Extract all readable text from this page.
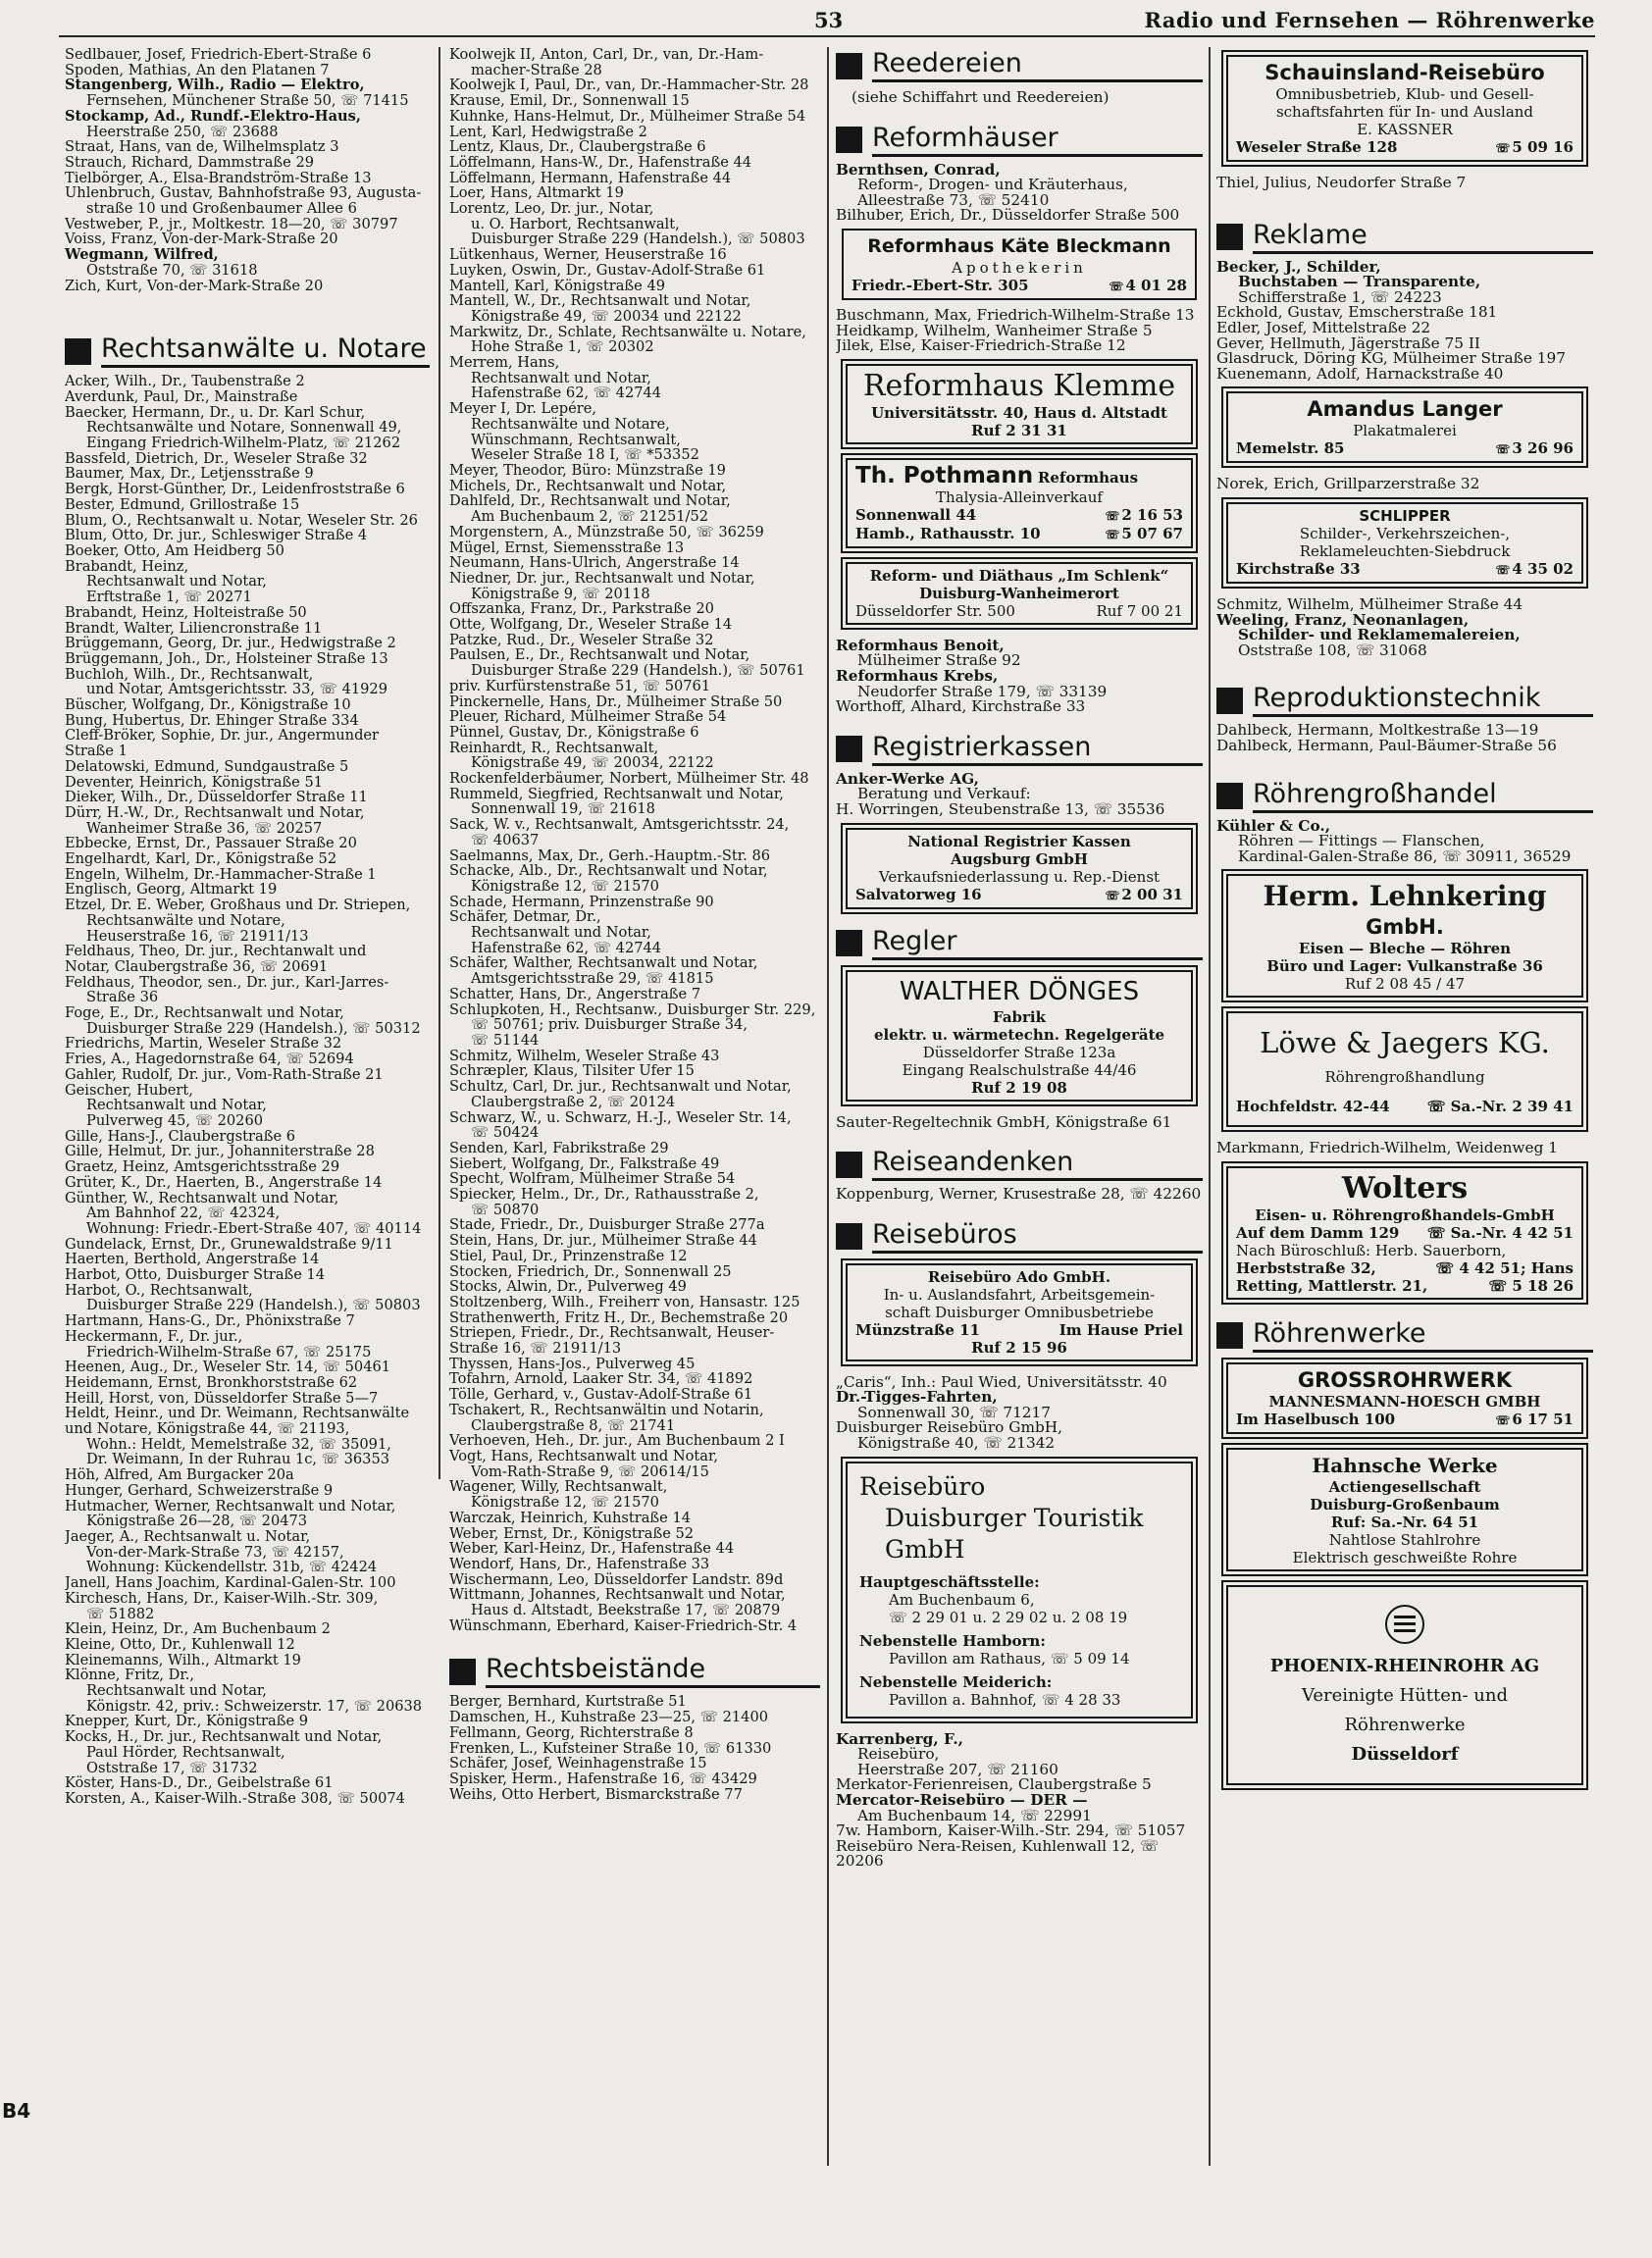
53	Radio und Fernsehen — Röhrenwerke
B4
Sedlbauer, Josef, Friedrich-Ebert-Straße 6
Spoden, Mathias, An den Platanen 7
Stangenberg, Wilh., Radio — Elektro,
Fernsehen, Münchener Straße 50, ☏ 71415
Stockamp, Ad., Rundf.-Elektro-Haus,
Heerstraße 250, ☏ 23688
Straat, Hans, van de, Wilhelmsplatz 3
Strauch, Richard, Dammstraße 29
Tielbörger, A., Elsa-Brandström-Straße 13
Uhlenbruch, Gustav, Bahnhofstraße 93, Augusta-
straße 10 und Großenbaumer Allee 6
Vestweber, P., jr., Moltkestr. 18—20, ☏ 30797
Voiss, Franz, Von-der-Mark-Straße 20
Wegmann, Wilfred,
Oststraße 70, ☏ 31618
Zich, Kurt, Von-der-Mark-Straße 20
Rechtsanwälte u. Notare
Acker, Wilh., Dr., Taubenstraße 2
Averdunk, Paul, Dr., Mainstraße
Baecker, Hermann, Dr., u. Dr. Karl Schur,
Rechtsanwälte und Notare, Sonnenwall 49,
Eingang Friedrich-Wilhelm-Platz, ☏ 21262
Bassfeld, Dietrich, Dr., Weseler Straße 32
Baumer, Max, Dr., Letjensstraße 9
Bergk, Horst-Günther, Dr., Leidenfroststraße 6
Bester, Edmund, Grillostraße 15
Blum, O., Rechtsanwalt u. Notar, Weseler Str. 26
Blum, Otto, Dr. jur., Schleswiger Straße 4
Boeker, Otto, Am Heidberg 50
Brabandt, Heinz,
Rechtsanwalt und Notar,
Erftstraße 1, ☏ 20271
Brabandt, Heinz, Holteistraße 50
Brandt, Walter, Liliencronstraße 11
Brüggemann, Georg, Dr. jur., Hedwigstraße 2
Brüggemann, Joh., Dr., Holsteiner Straße 13
Buchloh, Wilh., Dr., Rechtsanwalt,
und Notar, Amtsgerichtsstr. 33, ☏ 41929
Büscher, Wolfgang, Dr., Königstraße 10
Bung, Hubertus, Dr. Ehinger Straße 334
Cleff-Bröker, Sophie, Dr. jur., Angermunder
Straße 1
Delatowski, Edmund, Sundgaustraße 5
Deventer, Heinrich, Königstraße 51
Dieker, Wilh., Dr., Düsseldorfer Straße 11
Dürr, H.-W., Dr., Rechtsanwalt und Notar,
Wanheimer Straße 36, ☏ 20257
Ebbecke, Ernst, Dr., Passauer Straße 20
Engelhardt, Karl, Dr., Königstraße 52
Engeln, Wilhelm, Dr.-Hammacher-Straße 1
Englisch, Georg, Altmarkt 19
Etzel, Dr. E. Weber, Großhaus und Dr. Striepen,
Rechtsanwälte und Notare,
Heuserstraße 16, ☏ 21911/13
Feldhaus, Theo, Dr. jur., Rechtanwalt und
Notar, Claubergstraße 36, ☏ 20691
Feldhaus, Theodor, sen., Dr. jur., Karl-Jarres-
Straße 36
Foge, E., Dr., Rechtsanwalt und Notar,
Duisburger Straße 229 (Handelsh.), ☏ 50312
Friedrichs, Martin, Weseler Straße 32
Fries, A., Hagedornstraße 64, ☏ 52694
Gahler, Rudolf, Dr. jur., Vom-Rath-Straße 21
Geischer, Hubert,
Rechtsanwalt und Notar,
Pulverweg 45, ☏ 20260
Gille, Hans-J., Claubergstraße 6
Gille, Helmut, Dr. jur., Johanniterstraße 28
Graetz, Heinz, Amtsgerichtsstraße 29
Grüter, K., Dr., Haerten, B., Angerstraße 14
Günther, W., Rechtsanwalt und Notar,
Am Bahnhof 22, ☏ 42324,
Wohnung: Friedr.-Ebert-Straße 407, ☏ 40114
Gundelack, Ernst, Dr., Grunewaldstraße 9/11
Haerten, Berthold, Angerstraße 14
Harbot, Otto, Duisburger Straße 14
Harbot, O., Rechtsanwalt,
Duisburger Straße 229 (Handelsh.), ☏ 50803
Hartmann, Hans-G., Dr., Phönixstraße 7
Heckermann, F., Dr. jur.,
Friedrich-Wilhelm-Straße 67, ☏ 25175
Heenen, Aug., Dr., Weseler Str. 14, ☏ 50461
Heidemann, Ernst, Bronkhorststraße 62
Heill, Horst, von, Düsseldorfer Straße 5—7
Heldt, Heinr., und Dr. Weimann, Rechtsanwälte
und Notare, Königstraße 44, ☏ 21193,
Wohn.: Heldt, Memelstraße 32, ☏ 35091,
Dr. Weimann, In der Ruhrau 1c, ☏ 36353
Höh, Alfred, Am Burgacker 20a
Hunger, Gerhard, Schweizerstraße 9
Hutmacher, Werner, Rechtsanwalt und Notar,
Königstraße 26—28, ☏ 20473
Jaeger, A., Rechtsanwalt u. Notar,
Von-der-Mark-Straße 73, ☏ 42157,
Wohnung: Kückendellstr. 31b, ☏ 42424
Janell, Hans Joachim, Kardinal-Galen-Str. 100
Kirchesch, Hans, Dr., Kaiser-Wilh.-Str. 309,
☏ 51882
Klein, Heinz, Dr., Am Buchenbaum 2
Kleine, Otto, Dr., Kuhlenwall 12
Kleinemanns, Wilh., Altmarkt 19
Klönne, Fritz, Dr.,
Rechtsanwalt und Notar,
Königstr. 42, priv.: Schweizerstr. 17, ☏ 20638
Knepper, Kurt, Dr., Königstraße 9
Kocks, H., Dr. jur., Rechtsanwalt und Notar,
Paul Hörder, Rechtsanwalt,
Oststraße 17, ☏ 31732
Köster, Hans-D., Dr., Geibelstraße 61
Korsten, A., Kaiser-Wilh.-Straße 308, ☏ 50074
Koolwejk II, Anton, Carl, Dr., van, Dr.-Ham-
macher-Straße 28
Koolwejk I, Paul, Dr., van, Dr.-Hammacher-Str. 28
Krause, Emil, Dr., Sonnenwall 15
Kuhnke, Hans-Helmut, Dr., Mülheimer Straße 54
Lent, Karl, Hedwigstraße 2
Lentz, Klaus, Dr., Claubergstraße 6
Löffelmann, Hans-W., Dr., Hafenstraße 44
Löffelmann, Hermann, Hafenstraße 44
Loer, Hans, Altmarkt 19
Lorentz, Leo, Dr. jur., Notar,
u. O. Harbort, Rechtsanwalt,
Duisburger Straße 229 (Handelsh.), ☏ 50803
Lütkenhaus, Werner, Heuserstraße 16
Luyken, Oswin, Dr., Gustav-Adolf-Straße 61
Mantell, Karl, Königstraße 49
Mantell, W., Dr., Rechtsanwalt und Notar,
Königstraße 49, ☏ 20034 und 22122
Markwitz, Dr., Schlate, Rechtsanwälte u. Notare,
Hohe Straße 1, ☏ 20302
Merrem, Hans,
Rechtsanwalt und Notar,
Hafenstraße 62, ☏ 42744
Meyer I, Dr. Lepére,
Rechtsanwälte und Notare,
Wünschmann, Rechtsanwalt,
Weseler Straße 18 I, ☏ *53352
Meyer, Theodor, Büro: Münzstraße 19
Michels, Dr., Rechtsanwalt und Notar,
Dahlfeld, Dr., Rechtsanwalt und Notar,
Am Buchenbaum 2, ☏ 21251/52
Morgenstern, A., Münzstraße 50, ☏ 36259
Mügel, Ernst, Siemensstraße 13
Neumann, Hans-Ulrich, Angerstraße 14
Niedner, Dr. jur., Rechtsanwalt und Notar,
Königstraße 9, ☏ 20118
Offszanka, Franz, Dr., Parkstraße 20
Otte, Wolfgang, Dr., Weseler Straße 14
Patzke, Rud., Dr., Weseler Straße 32
Paulsen, E., Dr., Rechtsanwalt und Notar,
Duisburger Straße 229 (Handelsh.), ☏ 50761
priv. Kurfürstenstraße 51, ☏ 50761
Pinckernelle, Hans, Dr., Mülheimer Straße 50
Pleuer, Richard, Mülheimer Straße 54
Pünnel, Gustav, Dr., Königstraße 6
Reinhardt, R., Rechtsanwalt,
Königstraße 49, ☏ 20034, 22122
Rockenfelderbäumer, Norbert, Mülheimer Str. 48
Rummeld, Siegfried, Rechtsanwalt und Notar,
Sonnenwall 19, ☏ 21618
Sack, W. v., Rechtsanwalt, Amtsgerichtsstr. 24,
☏ 40637
Saelmanns, Max, Dr., Gerh.-Hauptm.-Str. 86
Schacke, Alb., Dr., Rechtsanwalt und Notar,
Königstraße 12, ☏ 21570
Schade, Hermann, Prinzenstraße 90
Schäfer, Detmar, Dr.,
Rechtsanwalt und Notar,
Hafenstraße 62, ☏ 42744
Schäfer, Walther, Rechtsanwalt und Notar,
Amtsgerichtsstraße 29, ☏ 41815
Schatter, Hans, Dr., Angerstraße 7
Schlupkoten, H., Rechtsanw., Duisburger Str. 229,
☏ 50761; priv. Duisburger Straße 34,
☏ 51144
Schmitz, Wilhelm, Weseler Straße 43
Schræpler, Klaus, Tilsiter Ufer 15
Schultz, Carl, Dr. jur., Rechtsanwalt und Notar,
Claubergstraße 2, ☏ 20124
Schwarz, W., u. Schwarz, H.-J., Weseler Str. 14,
☏ 50424
Senden, Karl, Fabrikstraße 29
Siebert, Wolfgang, Dr., Falkstraße 49
Specht, Wolfram, Mülheimer Straße 54
Spiecker, Helm., Dr., Dr., Rathausstraße 2,
☏ 50870
Stade, Friedr., Dr., Duisburger Straße 277a
Stein, Hans, Dr. jur., Mülheimer Straße 44
Stiel, Paul, Dr., Prinzenstraße 12
Stocken, Friedrich, Dr., Sonnenwall 25
Stocks, Alwin, Dr., Pulverweg 49
Stoltzenberg, Wilh., Freiherr von, Hansastr. 125
Strathenwerth, Fritz H., Dr., Bechemstraße 20
Striepen, Friedr., Dr., Rechtsanwalt, Heuser-
Straße 16, ☏ 21911/13
Thyssen, Hans-Jos., Pulverweg 45
Tofahrn, Arnold, Laaker Str. 34, ☏ 41892
Tölle, Gerhard, v., Gustav-Adolf-Straße 61
Tschakert, R., Rechtsanwältin und Notarin,
Claubergstraße 8, ☏ 21741
Verhoeven, Heh., Dr. jur., Am Buchenbaum 2 I
Vogt, Hans, Rechtsanwalt und Notar,
Vom-Rath-Straße 9, ☏ 20614/15
Wagener, Willy, Rechtsanwalt,
Königstraße 12, ☏ 21570
Warczak, Heinrich, Kuhstraße 14
Weber, Ernst, Dr., Königstraße 52
Weber, Karl-Heinz, Dr., Hafenstraße 44
Wendorf, Hans, Dr., Hafenstraße 33
Wischermann, Leo, Düsseldorfer Landstr. 89d
Wittmann, Johannes, Rechtsanwalt und Notar,
Haus d. Altstadt, Beekstraße 17, ☏ 20879
Wünschmann, Eberhard, Kaiser-Friedrich-Str. 4
Rechtsbeistände
Berger, Bernhard, Kurtstraße 51
Damschen, H., Kuhstraße 23—25, ☏ 21400
Fellmann, Georg, Richterstraße 8
Frenken, L., Kufsteiner Straße 10, ☏ 61330
Schäfer, Josef, Weinhagenstraße 15
Spisker, Herm., Hafenstraße 16, ☏ 43429
Weihs, Otto Herbert, Bismarckstraße 77
Reedereien
(siehe Schiffahrt und Reedereien)
Reformhäuser
Bernthsen, Conrad,
Reform-, Drogen- und Kräuterhaus,
Alleestraße 73, ☏ 52410
Bilhuber, Erich, Dr., Düsseldorfer Straße 500
Reformhaus Käte Bleckmann
Apothekerin
Friedr.-Ebert-Str. 305	☏ 4 01 28
Buschmann, Max, Friedrich-Wilhelm-Straße 13
Heidkamp, Wilhelm, Wanheimer Straße 5
Jilek, Else, Kaiser-Friedrich-Straße 12
Reformhaus Klemme
Universitätsstr. 40, Haus d. Altstadt
Ruf 2 31 31
Th. Pothmann Reformhaus
Thalysia-Alleinverkauf
Sonnenwall 44	☏ 2 16 53
Hamb., Rathausstr. 10	☏ 5 07 67
Reform- und Diäthaus „Im Schlenk“
Duisburg-Wanheimerort
Düsseldorfer Str. 500	Ruf 7 00 21
Reformhaus Benoit,
Mülheimer Straße 92
Reformhaus Krebs,
Neudorfer Straße 179, ☏ 33139
Worthoff, Alhard, Kirchstraße 33
Registrierkassen
Anker-Werke AG,
Beratung und Verkauf:
H. Worringen, Steubenstraße 13, ☏ 35536
National Registrier Kassen
Augsburg GmbH
Verkaufsniederlassung u. Rep.-Dienst
Salvatorweg 16	☏ 2 00 31
Regler
WALTHER DÖNGES
Fabrik
elektr. u. wärmetechn. Regelgeräte
Düsseldorfer Straße 123a
Eingang Realschulstraße 44/46
Ruf 2 19 08
Sauter-Regeltechnik GmbH, Königstraße 61
Reiseandenken
Koppenburg, Werner, Krusestraße 28, ☏ 42260
Reisebüros
Reisebüro Ado GmbH.
In- u. Auslandsfahrt, Arbeitsgemein-
schaft Duisburger Omnibusbetriebe
Münzstraße 11	Im Hause Priel
Ruf 2 15 96
„Caris“, Inh.: Paul Wied, Universitätsstr. 40
Dr.-Tigges-Fahrten,
Sonnenwall 30, ☏ 71217
Duisburger Reisebüro GmbH,
Königstraße 40, ☏ 21342
Reisebüro
Duisburger Touristik
GmbH
Hauptgeschäftsstelle:
Am Buchenbaum 6,
☏ 2 29 01 u. 2 29 02 u. 2 08 19
Nebenstelle Hamborn:
Pavillon am Rathaus, ☏ 5 09 14
Nebenstelle Meiderich:
Pavillon a. Bahnhof, ☏ 4 28 33
Karrenberg, F.,
Reisebüro,
Heerstraße 207, ☏ 21160
Merkator-Ferienreisen, Claubergstraße 5
Mercator-Reisebüro — DER —
Am Buchenbaum 14, ☏ 22991
7w. Hamborn, Kaiser-Wilh.-Str. 294, ☏ 51057
Reisebüro Nera-Reisen, Kuhlenwall 12, ☏ 20206
Schauinsland-Reisebüro
Omnibusbetrieb, Klub- und Gesell-
schaftsfahrten für In- und Ausland
E. KASSNER
Weseler Straße 128	☏ 5 09 16
Thiel, Julius, Neudorfer Straße 7
Reklame
Becker, J., Schilder,
Buchstaben — Transparente,
Schifferstraße 1, ☏ 24223
Eckhold, Gustav, Emscherstraße 181
Edler, Josef, Mittelstraße 22
Gever, Hellmuth, Jägerstraße 75 II
Glasdruck, Döring KG, Mülheimer Straße 197
Kuenemann, Adolf, Harnackstraße 40
Amandus Langer
Plakatmalerei
Memelstr. 85	☏ 3 26 96
Norek, Erich, Grillparzerstraße 32
SCHLIPPER
Schilder-, Verkehrszeichen-,
Reklameleuchten-Siebdruck
Kirchstraße 33	☏ 4 35 02
Schmitz, Wilhelm, Mülheimer Straße 44
Weeling, Franz, Neonanlagen,
Schilder- und Reklamemalereien,
Oststraße 108, ☏ 31068
Reproduktionstechnik
Dahlbeck, Hermann, Moltkestraße 13—19
Dahlbeck, Hermann, Paul-Bäumer-Straße 56
Röhrengroßhandel
Kühler & Co.,
Röhren — Fittings — Flanschen,
Kardinal-Galen-Straße 86, ☏ 30911, 36529
Herm. Lehnkering
GmbH.
Eisen — Bleche — Röhren
Büro und Lager: Vulkanstraße 36
Ruf 2 08 45 / 47
Löwe & Jaegers KG.
Röhrengroßhandlung
Hochfeldstr. 42-44	☏ Sa.-Nr. 2 39 41
Markmann, Friedrich-Wilhelm, Weidenweg 1
Wolters
Eisen- u. Röhrengroßhandels-GmbH
Auf dem Damm 129 ☏ Sa.-Nr. 4 42 51
Nach Büroschluß: Herb. Sauerborn,
Herbststraße 32,	☏ 4 42 51; Hans
Retting, Mattlerstr. 21,	☏ 5 18 26
Röhrenwerke
GROSSROHRWERK
MANNESMANN-HOESCH GMBH
Im Haselbusch 100	☏ 6 17 51
Hahnsche Werke
Actiengesellschaft
Duisburg-Großenbaum
Ruf: Sa.-Nr. 64 51
Nahtlose Stahlrohre
Elektrisch geschweißte Rohre
PHOENIX-RHEINROHR AG
Vereinigte Hütten- und
Röhrenwerke
Düsseldorf
